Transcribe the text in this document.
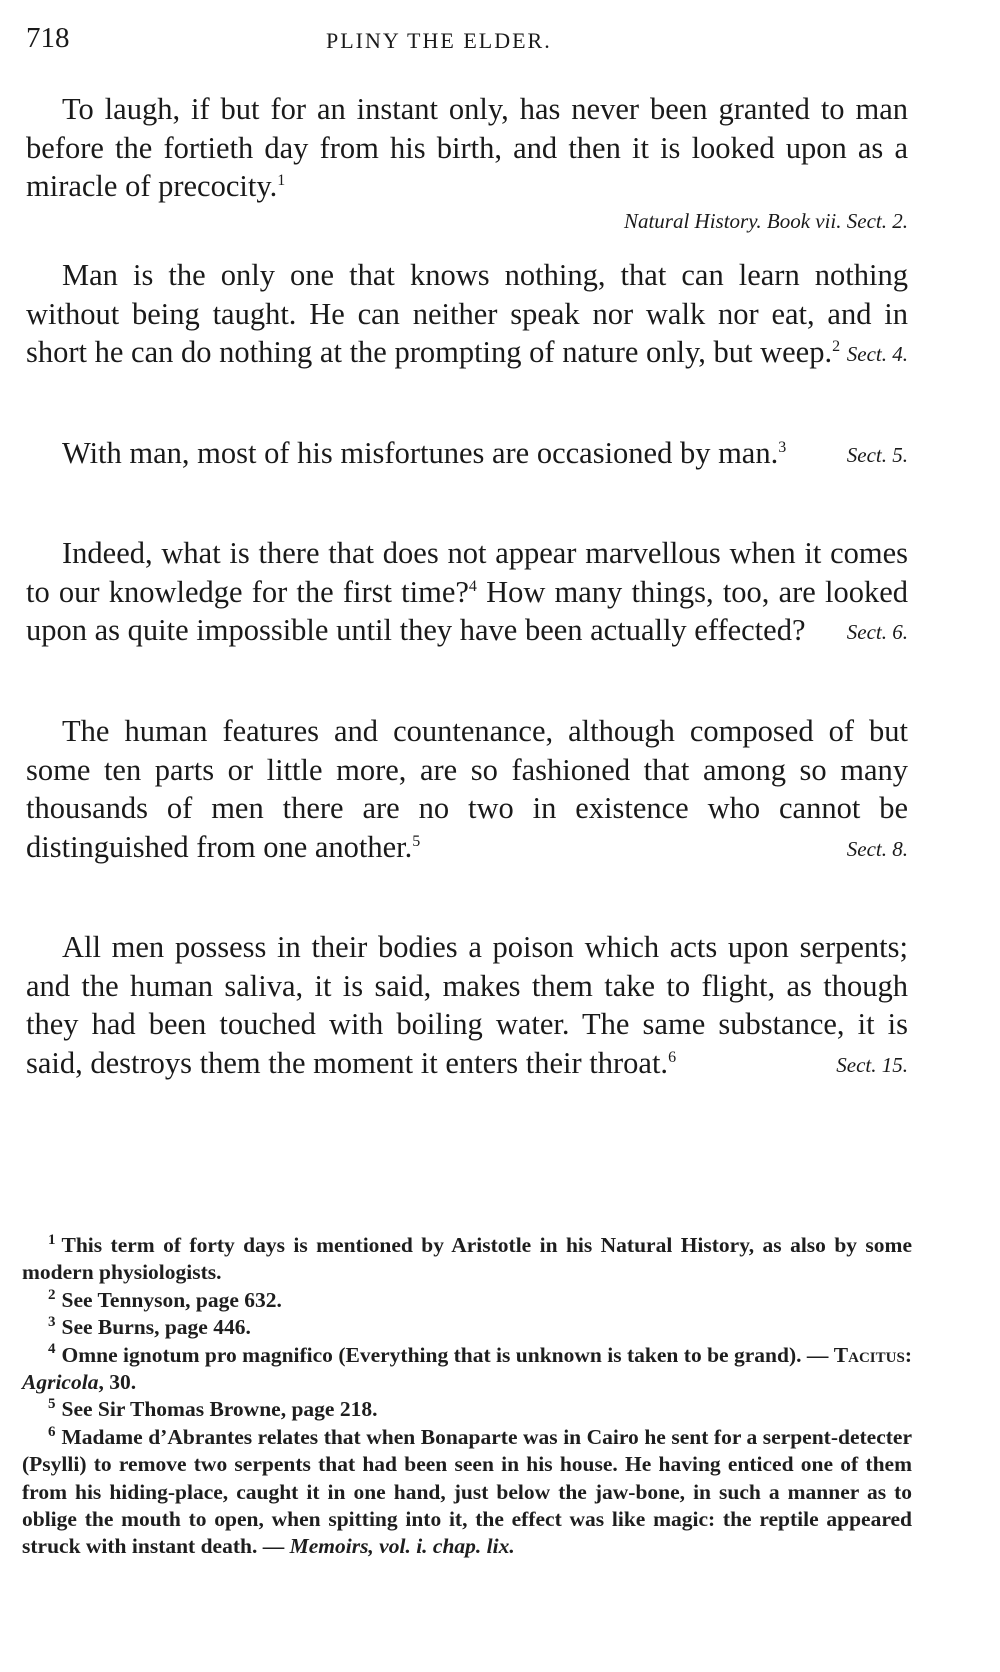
718	PLINY THE ELDER.
To laugh, if but for an instant only, has never been granted to man before the fortieth day from his birth, and then it is looked upon as a miracle of precocity.$^1$
Natural History. Book vii. Sect. 2.
Man is the only one that knows nothing, that can learn nothing without being taught. He can neither speak nor walk nor eat, and in short he can do nothing at the prompting of nature only, but weep.$^2$ Sect. 4.
With man, most of his misfortunes are occasioned by man.$^3$	Sect. 5.
Indeed, what is there that does not appear marvellous when it comes to our knowledge for the first time?$^4$ How many things, too, are looked upon as quite impossible until they have been actually effected? Sect. 6.
The human features and countenance, although composed of but some ten parts or little more, are so fashioned that among so many thousands of men there are no two in existence who cannot be distinguished from one another.$^5$	Sect. 8.
All men possess in their bodies a poison which acts upon serpents; and the human saliva, it is said, makes them take to flight, as though they had been touched with boiling water. The same substance, it is said, destroys them the moment it enters their throat.$^6$	Sect. 15.

$^1$ This term of forty days is mentioned by Aristotle in his Natural History, as also by some modern physiologists.

$^2$ See Tennyson, page 632.

$^3$ See Burns, page 446.

$^4$ Omne ignotum pro magnifico (Everything that is unknown is taken to be grand). — Tacitus: Agricola, 30.

$^5$ See Sir Thomas Browne, page 218.

$^6$ Madame d’Abrantes relates that when Bonaparte was in Cairo he sent for a serpent-detecter (Psylli) to remove two serpents that had been seen in his house. He having enticed one of them from his hiding-place, caught it in one hand, just below the jaw-bone, in such a manner as to oblige the mouth to open, when spitting into it, the effect was like magic: the reptile appeared struck with instant death. — Memoirs, vol. i. chap. lix.
